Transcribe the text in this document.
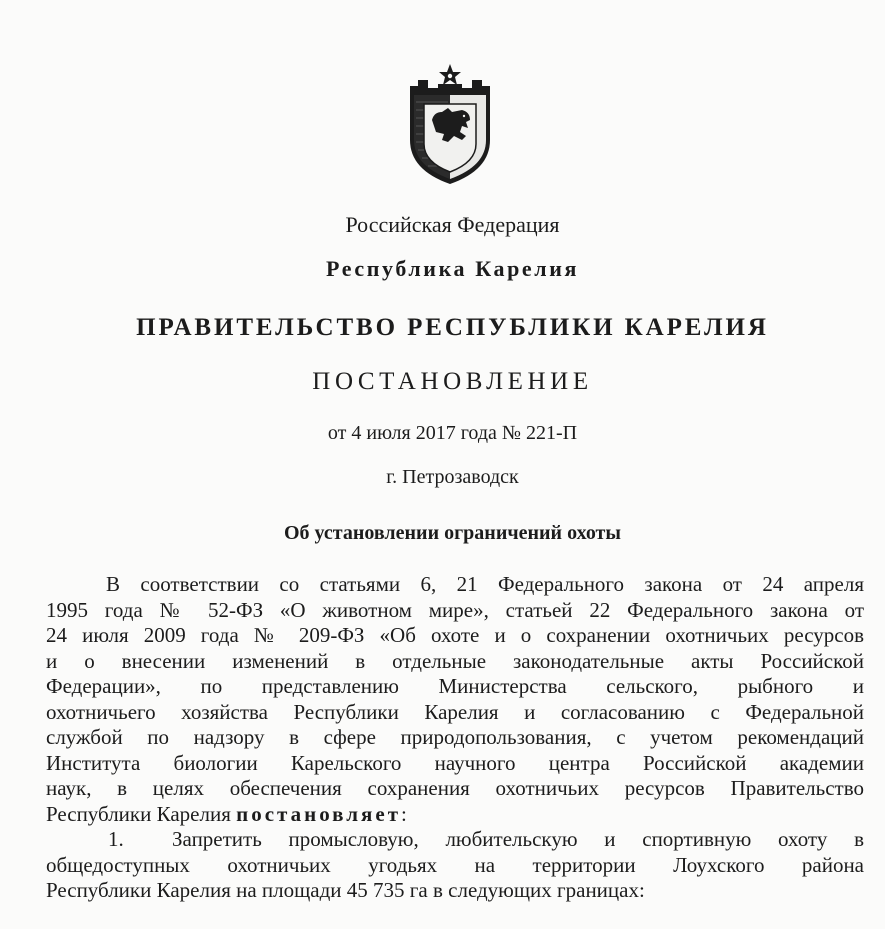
Российская Федерация
Республика Карелия
ПРАВИТЕЛЬСТВО РЕСПУБЛИКИ КАРЕЛИЯ
ПОСТАНОВЛЕНИЕ
от 4 июля 2017 года № 221-П
г. Петрозаводск
Об установлении ограничений охоты
В соответствии со статьями 6, 21 Федерального закона от 24 апреля
1995 года № 52-ФЗ «О животном мире», статьей 22 Федерального закона от
24 июля 2009 года № 209-ФЗ «Об охоте и о сохранении охотничьих ресурсов
и о внесении изменений в отдельные законодательные акты Российской
Федерации», по представлению Министерства сельского, рыбного и
охотничьего хозяйства Республики Карелия и согласованию с Федеральной
службой по надзору в сфере природопользования, с учетом рекомендаций
Института биологии Карельского научного центра Российской академии
наук, в целях обеспечения сохранения охотничьих ресурсов Правительство
Республики Карелия постановляет:
1.	Запретить промысловую, любительскую и спортивную охоту в
общедоступных охотничьих угодьях на территории Лоухского района
Республики Карелия на площади 45 735 га в следующих границах:
